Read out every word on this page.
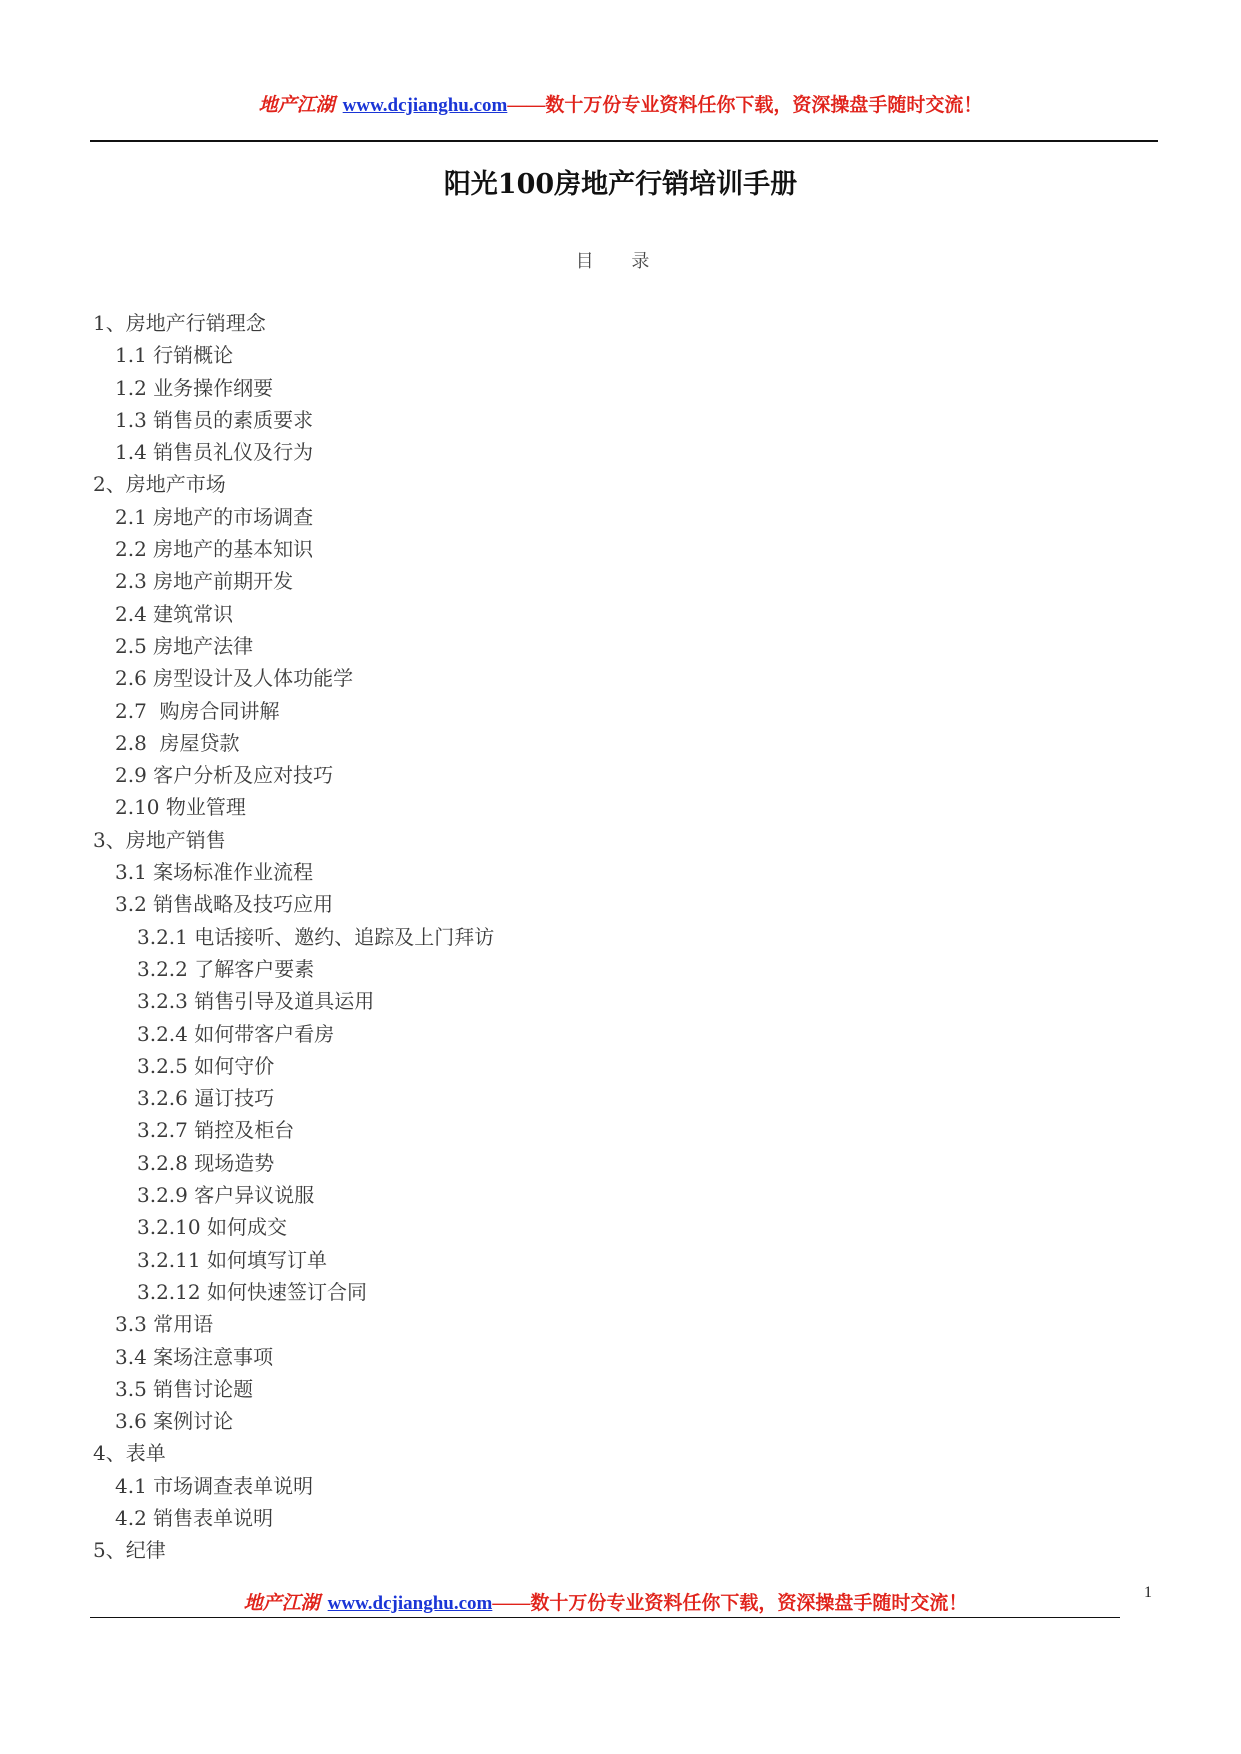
地产江湖 www.dcjianghu.com——数十万份专业资料任你下载，资深操盘手随时交流！
阳光100房地产行销培训手册
目 录
1、房地产行销理念
1.1 行销概论
1.2 业务操作纲要
1.3 销售员的素质要求
1.4 销售员礼仪及行为
2、房地产市场
2.1 房地产的市场调查
2.2 房地产的基本知识
2.3 房地产前期开发
2.4 建筑常识
2.5 房地产法律
2.6 房型设计及人体功能学
2.7  购房合同讲解
2.8  房屋贷款
2.9 客户分析及应对技巧
2.10 物业管理
3、房地产销售
3.1 案场标准作业流程
3.2 销售战略及技巧应用
3.2.1 电话接听、邀约、追踪及上门拜访
3.2.2 了解客户要素
3.2.3 销售引导及道具运用
3.2.4 如何带客户看房
3.2.5 如何守价
3.2.6 逼订技巧
3.2.7 销控及柜台
3.2.8 现场造势
3.2.9 客户异议说服
3.2.10 如何成交
3.2.11 如何填写订单
3.2.12 如何快速签订合同
3.3 常用语
3.4 案场注意事项
3.5 销售讨论题
3.6 案例讨论
4、表单
4.1 市场调查表单说明
4.2 销售表单说明
5、纪律
地产江湖 www.dcjianghu.com——数十万份专业资料任你下载，资深操盘手随时交流！
1
